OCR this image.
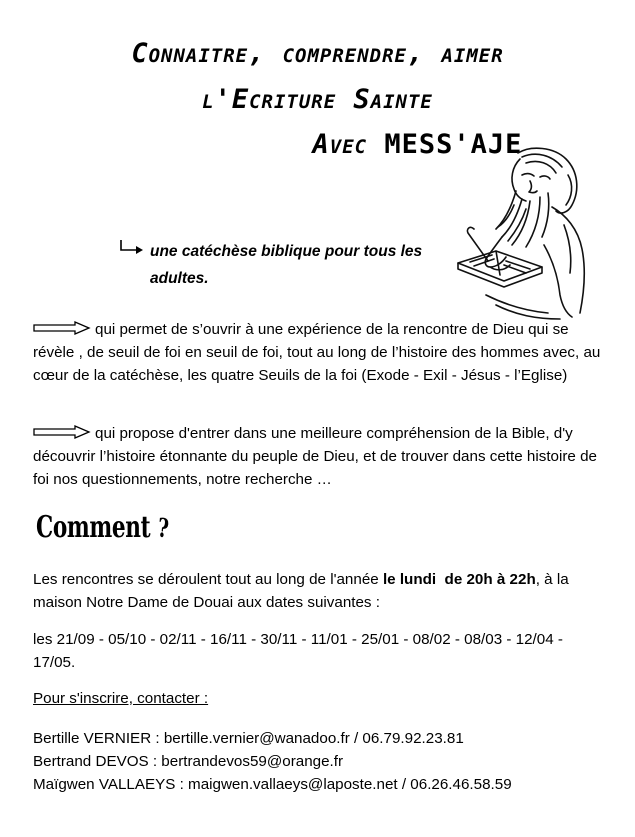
Connaitre, comprendre, aimer
l'Ecriture Sainte
Avec MESS'AJE
une catéchèse biblique pour tous les adultes.
qui permet de s’ouvrir à une expérience de la rencontre de Dieu qui se révèle , de seuil de foi en seuil de foi, tout au long de l’histoire des hommes avec, au cœur de la catéchèse, les quatre Seuils de la foi (Exode - Exil - Jésus - l’Eglise)
qui propose d'entrer dans une meilleure compréhension de la Bible, d'y découvrir l’histoire étonnante du peuple de Dieu, et de trouver dans cette histoire de foi nos questionnements, notre recherche …
Comment ?
Les rencontres se déroulent tout au long de l'année le lundi de 20h à 22h, à la maison Notre Dame de Douai aux dates suivantes :
les 21/09 - 05/10 - 02/11 - 16/11 - 30/11 - 11/01 - 25/01 - 08/02 - 08/03 - 12/04 - 17/05.
Pour s'inscrire, contacter :
Bertille VERNIER : bertille.vernier@wanadoo.fr / 06.79.92.23.81
Bertrand DEVOS : bertrandevos59@orange.fr
Maïgwen VALLAEYS : maigwen.vallaeys@laposte.net / 06.26.46.58.59
